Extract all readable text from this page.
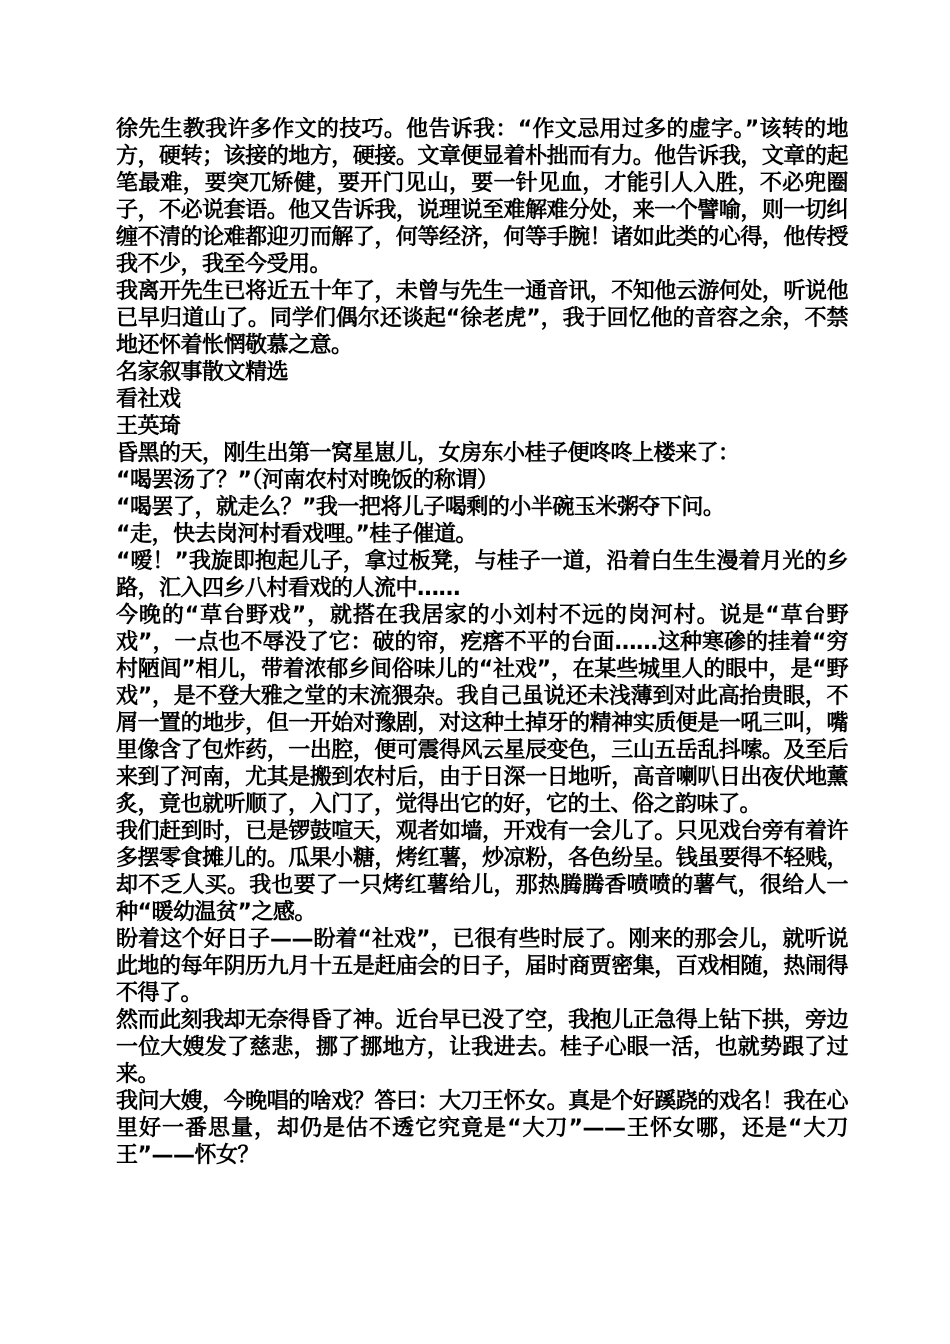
徐先生教我许多作文的技巧。他告诉我：“作文忌用过多的虚字。”该转的地方，硬转；该接的地方，硬接。文章便显着朴拙而有力。他告诉我，文章的起笔最难，要突兀矫健，要开门见山，要一针见血，才能引人入胜，不必兜圈子，不必说套语。他又告诉我，说理说至难解难分处，来一个譬喻，则一切纠缠不清的论难都迎刃而解了，何等经济，何等手腕！诸如此类的心得，他传授我不少，我至今受用。

我离开先生已将近五十年了，未曾与先生一通音讯，不知他云游何处，听说他已早归道山了。同学们偶尔还谈起“徐老虎”，我于回忆他的音容之余，不禁地还怀着怅惘敬慕之意。

名家叙事散文精选

看社戏

王英琦

昏黑的天，刚生出第一窝星崽儿，女房东小桂子便咚咚上楼来了：

“喝罢汤了？”（河南农村对晚饭的称谓）

“喝罢了，就走么？”我一把将儿子喝剩的小半碗玉米粥夺下问。

“走，快去岗河村看戏哩。”桂子催道。

“嗳！”我旋即抱起儿子，拿过板凳，与桂子一道，沿着白生生漫着月光的乡路，汇入四乡八村看戏的人流中……

今晚的“草台野戏”，就搭在我居家的小刘村不远的岗河村。说是“草台野戏”，一点也不辱没了它：破的帘，疙瘩不平的台面……这种寒碜的挂着“穷村陋闾”相儿，带着浓郁乡间俗味儿的“社戏”，在某些城里人的眼中，是“野戏”，是不登大雅之堂的末流猥杂。我自己虽说还未浅薄到对此高抬贵眼，不屑一置的地步，但一开始对豫剧，对这种土掉牙的精神实质便是一吼三叫，嘴里像含了包炸药，一出腔，便可震得风云星辰变色，三山五岳乱抖嗦。及至后来到了河南，尤其是搬到农村后，由于日深一日地听，高音喇叭日出夜伏地薰炙，竟也就听顺了，入门了，觉得出它的好，它的土、俗之韵味了。

我们赶到时，已是锣鼓喧天，观者如墙，开戏有一会儿了。只见戏台旁有着许多摆零食摊儿的。瓜果小糖，烤红薯，炒凉粉，各色纷呈。钱虽要得不轻贱，却不乏人买。我也要了一只烤红薯给儿，那热腾腾香喷喷的薯气，很给人一种“暖幼温贫”之感。

盼着这个好日子——盼着“社戏”，已很有些时辰了。刚来的那会儿，就听说此地的每年阴历九月十五是赶庙会的日子，届时商贾密集，百戏相随，热闹得不得了。

然而此刻我却无奈得昏了神。近台早已没了空，我抱儿正急得上钻下拱，旁边一位大嫂发了慈悲，挪了挪地方，让我进去。桂子心眼一活，也就势跟了过来。

我问大嫂，今晚唱的啥戏？答曰：大刀王怀女。真是个好蹊跷的戏名！我在心里好一番思量，却仍是估不透它究竟是“大刀”——王怀女哪，还是“大刀王”——怀女？
